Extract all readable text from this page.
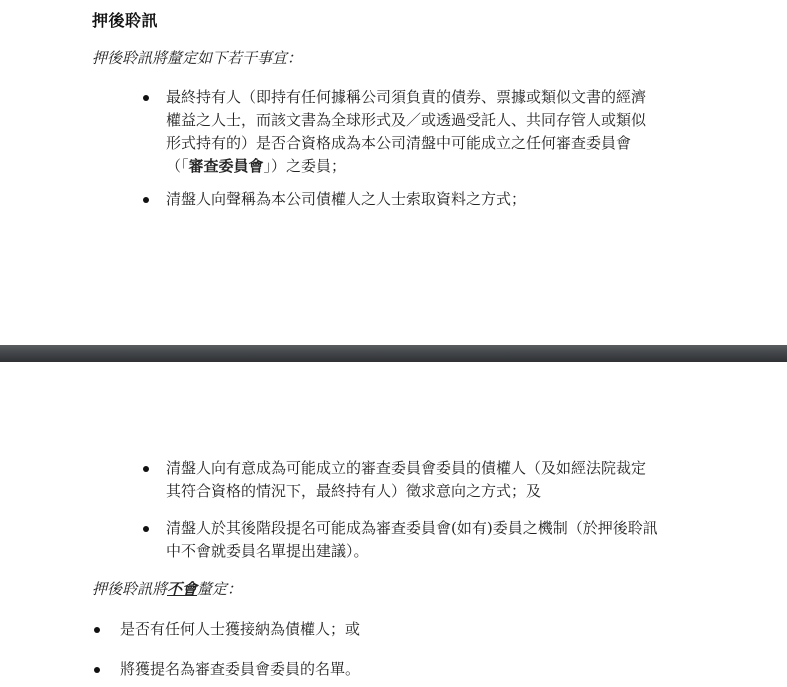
押後聆訊
押後聆訊將釐定如下若干事宜：
最終持有人（即持有任何據稱公司須負責的債券、票據或類似文書的經濟
權益之人士，而該文書為全球形式及／或透過受託人、共同存管人或類似
形式持有的）是否合資格成為本公司清盤中可能成立之任何審查委員會
（「審查委員會」）之委員；
清盤人向聲稱為本公司債權人之人士索取資料之方式；
清盤人向有意成為可能成立的審查委員會委員的債權人（及如經法院裁定
其符合資格的情況下，最終持有人）徵求意向之方式；及
清盤人於其後階段提名可能成為審查委員會(如有)委員之機制（於押後聆訊
中不會就委員名單提出建議）。
押後聆訊將不會釐定：
是否有任何人士獲接納為債權人；或
將獲提名為審查委員會委員的名單。
